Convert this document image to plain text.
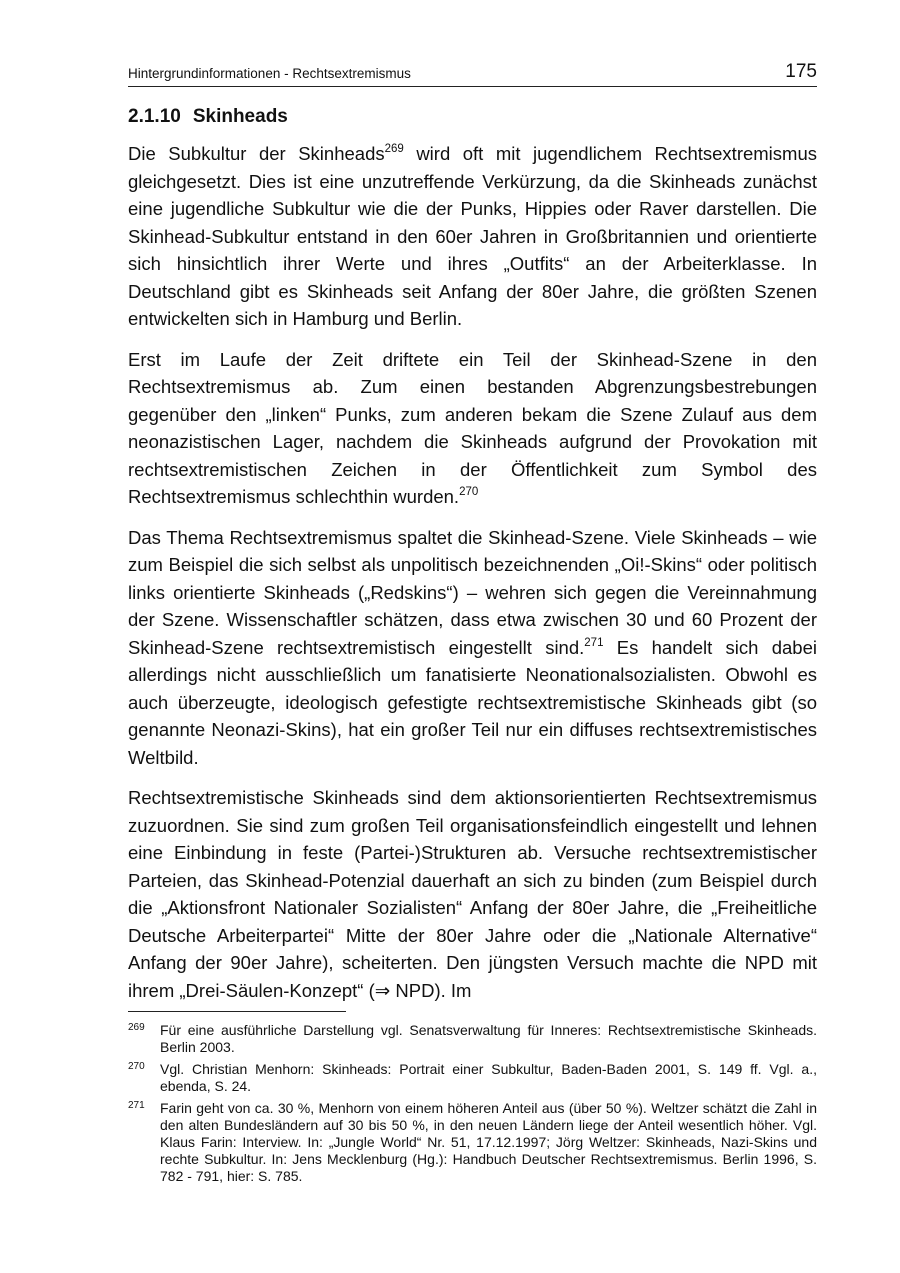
Hintergrundinformationen - Rechtsextremismus	175
2.1.10 Skinheads

Die Subkultur der Skinheads$^{269}$ wird oft mit jugendlichem Rechtsextremismus gleichgesetzt. Dies ist eine unzutreffende Verkürzung, da die Skinheads zunächst eine jugendliche Subkultur wie die der Punks, Hippies oder Raver darstellen. Die Skinhead-Subkultur entstand in den 60er Jahren in Großbritannien und orientierte sich hinsichtlich ihrer Werte und ihres „Outfits“ an der Arbeiterklasse. In Deutschland gibt es Skinheads seit Anfang der 80er Jahre, die größten Szenen entwickelten sich in Hamburg und Berlin.

Erst im Laufe der Zeit driftete ein Teil der Skinhead-Szene in den Rechtsextremismus ab. Zum einen bestanden Abgrenzungsbestrebungen gegenüber den „linken“ Punks, zum anderen bekam die Szene Zulauf aus dem neonazistischen Lager, nachdem die Skinheads aufgrund der Provokation mit rechtsextremistischen Zeichen in der Öffentlichkeit zum Symbol des Rechtsextremismus schlechthin wurden.$^{270}$

Das Thema Rechtsextremismus spaltet die Skinhead-Szene. Viele Skinheads – wie zum Beispiel die sich selbst als unpolitisch bezeichnenden „Oi!-Skins“ oder politisch links orientierte Skinheads („Redskins“) – wehren sich gegen die Vereinnahmung der Szene. Wissenschaftler schätzen, dass etwa zwischen 30 und 60 Prozent der Skinhead-Szene rechtsextremistisch eingestellt sind.$^{271}$ Es handelt sich dabei allerdings nicht ausschließlich um fanatisierte Neonationalsozialisten. Obwohl es auch überzeugte, ideologisch gefestigte rechtsextremistische Skinheads gibt (so genannte Neonazi-Skins), hat ein großer Teil nur ein diffuses rechtsextremistisches Weltbild.

Rechtsextremistische Skinheads sind dem aktionsorientierten Rechtsextremismus zuzuordnen. Sie sind zum großen Teil organisationsfeindlich eingestellt und lehnen eine Einbindung in feste (Partei-)Strukturen ab. Versuche rechtsextremistischer Parteien, das Skinhead-Potenzial dauerhaft an sich zu binden (zum Beispiel durch die „Aktionsfront Nationaler Sozialisten“ Anfang der 80er Jahre, die „Freiheitliche Deutsche Arbeiterpartei“ Mitte der 80er Jahre oder die „Nationale Alternative“ Anfang der 90er Jahre), scheiterten. Den jüngsten Versuch machte die NPD mit ihrem „Drei-Säulen-Konzept“ (⇒ NPD). Im

269 Für eine ausführliche Darstellung vgl. Senatsverwaltung für Inneres: Rechtsextremistische Skinheads. Berlin 2003.
270 Vgl. Christian Menhorn: Skinheads: Portrait einer Subkultur, Baden-Baden 2001, S. 149 ff. Vgl. a., ebenda, S. 24.
271 Farin geht von ca. 30 %, Menhorn von einem höheren Anteil aus (über 50 %). Weltzer schätzt die Zahl in den alten Bundesländern auf 30 bis 50 %, in den neuen Ländern liege der Anteil wesentlich höher. Vgl. Klaus Farin: Interview. In: „Jungle World“ Nr. 51, 17.12.1997; Jörg Weltzer: Skinheads, Nazi-Skins und rechte Subkultur. In: Jens Mecklenburg (Hg.): Handbuch Deutscher Rechtsextremismus. Berlin 1996, S. 782 - 791, hier: S. 785.
